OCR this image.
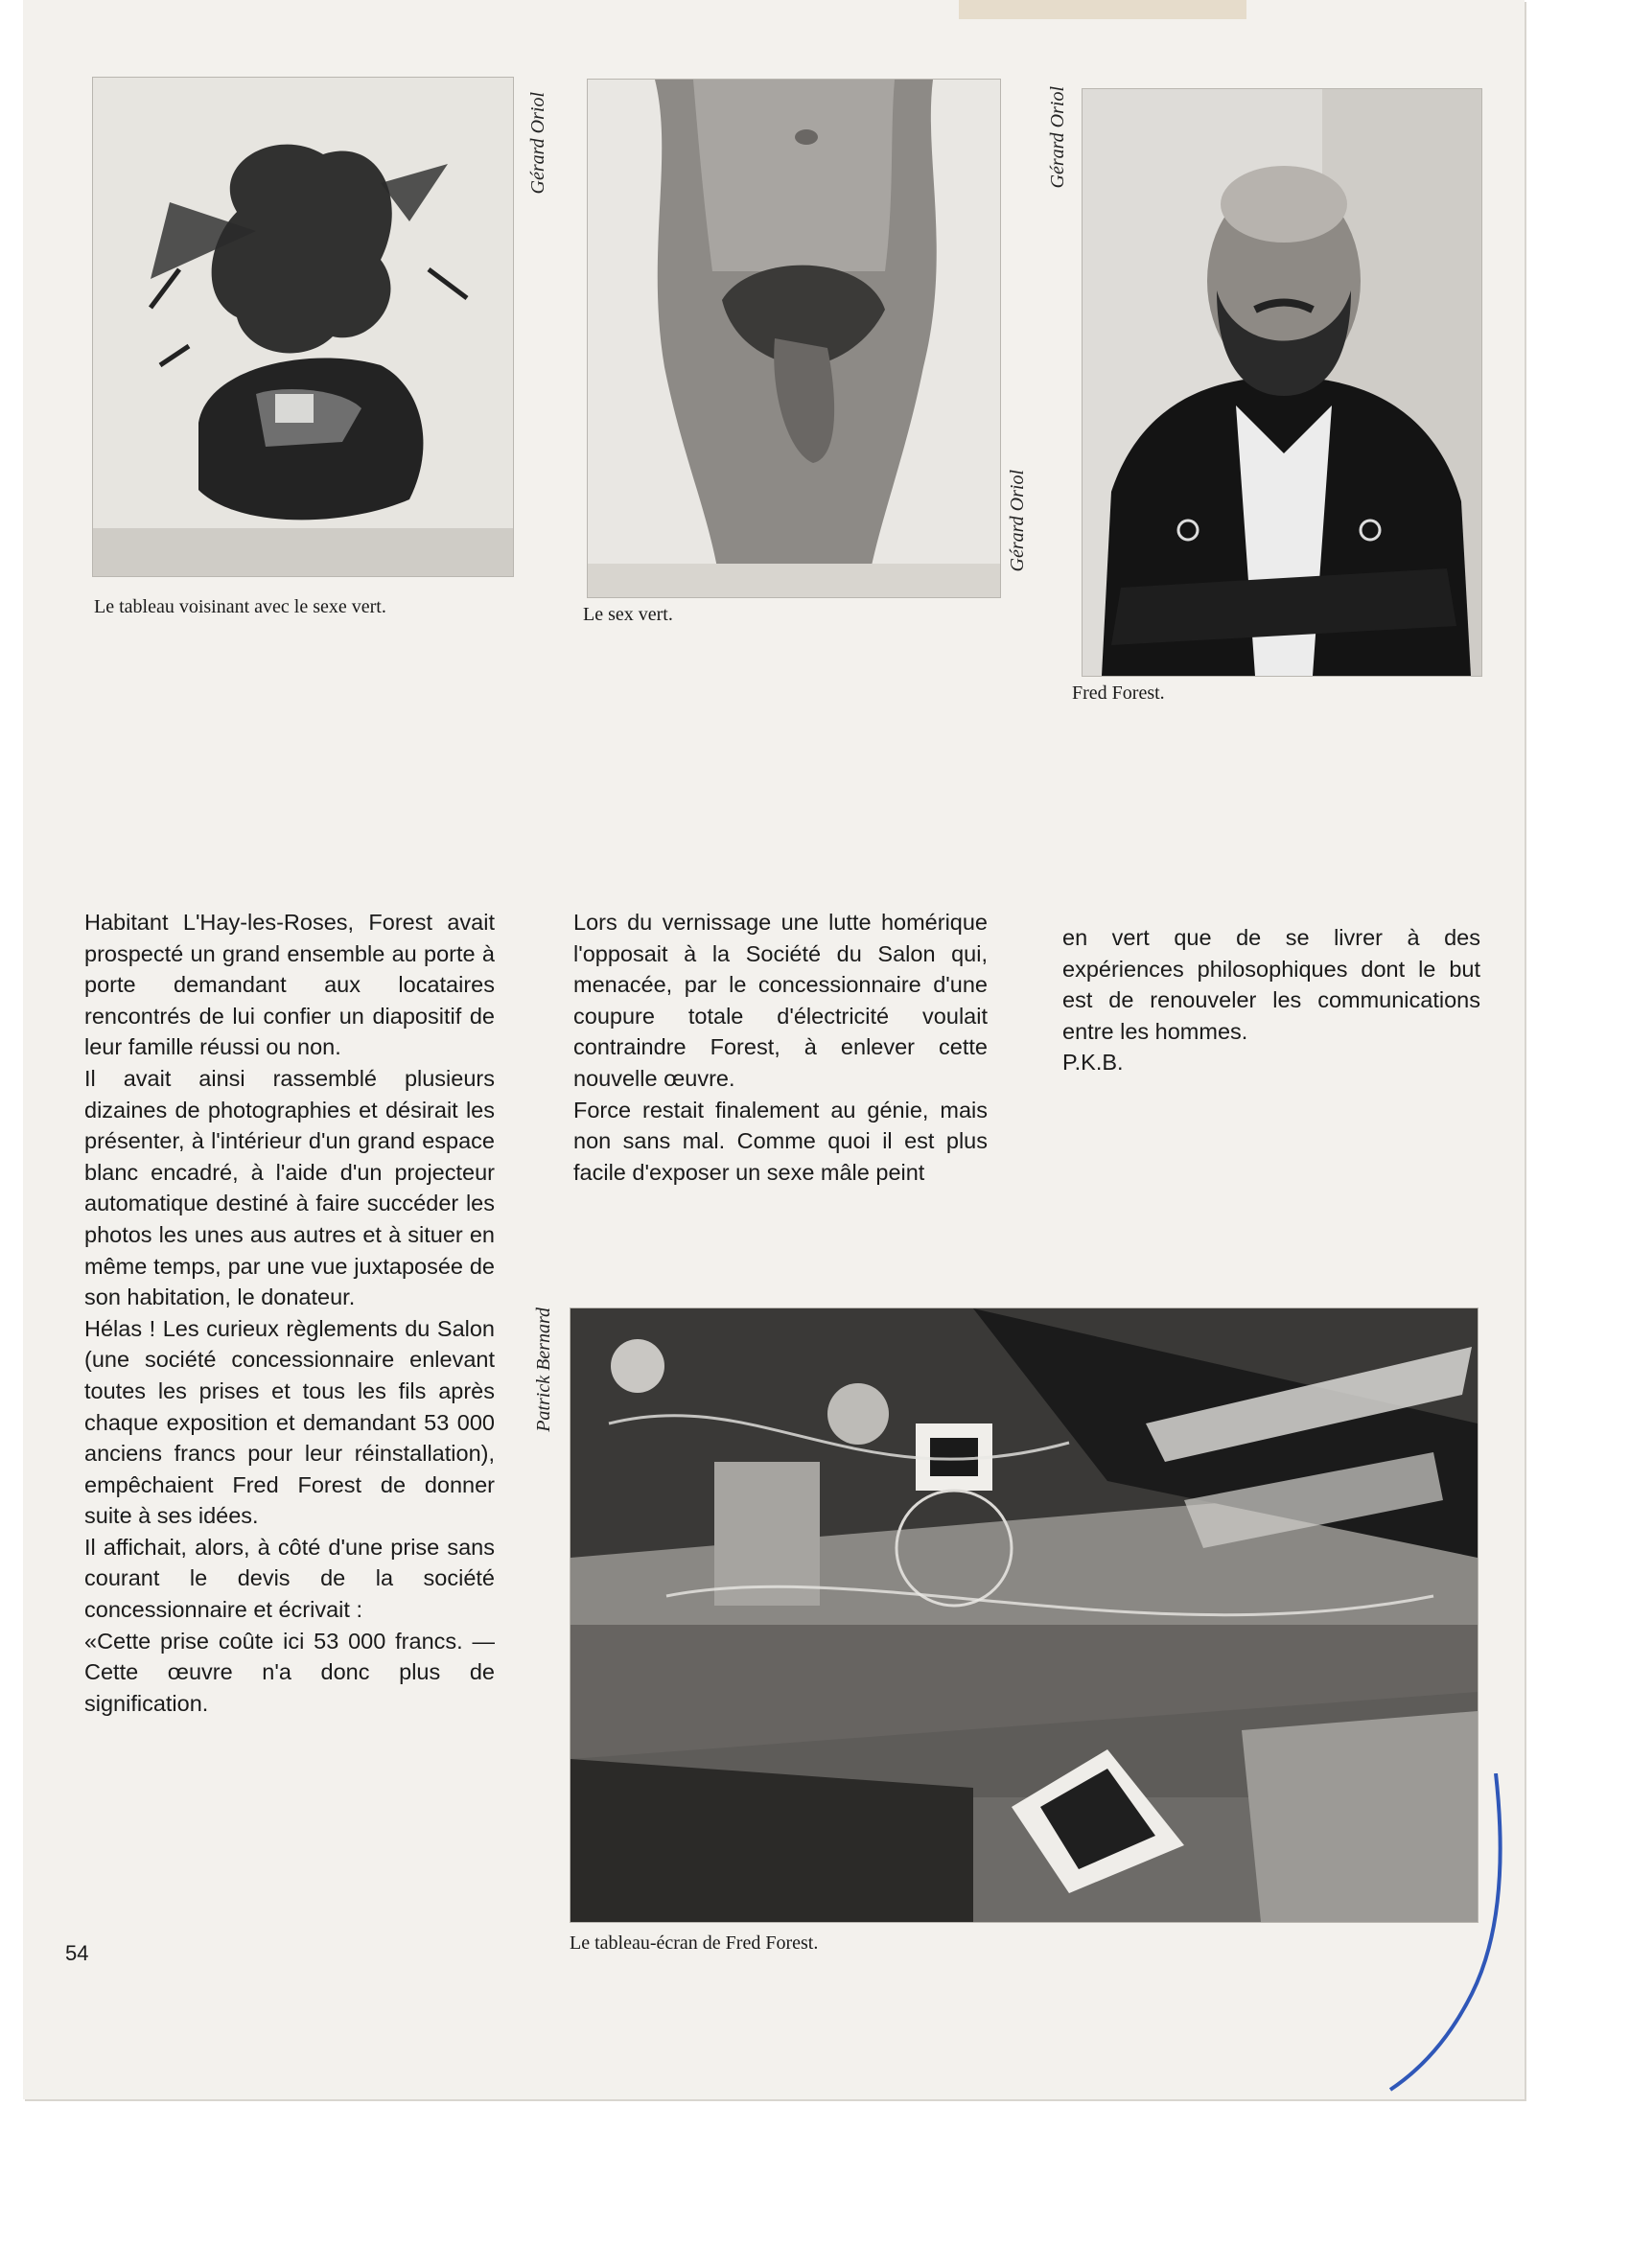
Gérard Oriol
Le tableau voisinant avec le sexe vert.	Le sex vert.
Gérard Oriol
Gérard Oriol
Fred Forest.

Habitant L'Hay-les-Roses, Forest avait prospecté un grand ensemble au porte à porte demandant aux locataires rencontrés de lui confier un diapositif de leur famille réussi ou non.

Il avait ainsi rassemblé plusieurs dizaines de photographies et désirait les présenter, à l'intérieur d'un grand espace blanc encadré, à l'aide d'un projecteur automatique destiné à faire succéder les photos les unes aus autres et à situer en même temps, par une vue juxtaposée de son habitation, le donateur.

Hélas ! Les curieux règlements du Salon (une société concessionnaire enlevant toutes les prises et tous les fils après chaque exposition et demandant 53 000 anciens francs pour leur réinstallation), empêchaient Fred Forest de donner suite à ses idées.

Il affichait, alors, à côté d'une prise sans courant le devis de la société concessionnaire et écrivait :

«Cette prise coûte ici 53 000 francs. — Cette œuvre n'a donc plus de signification.

Lors du vernissage une lutte homérique l'opposait à la Société du Salon qui, menacée, par le concessionnaire d'une coupure totale d'électricité voulait contraindre Forest, à enlever cette nouvelle œuvre.

Force restait finalement au génie, mais non sans mal. Comme quoi il est plus facile d'exposer un sexe mâle peint

en vert que de se livrer à des expériences philosophiques dont le but est de renouveler les communications entre les hommes.

P.K.B.

Patrick Bernard
Le tableau-écran de Fred Forest.
54
